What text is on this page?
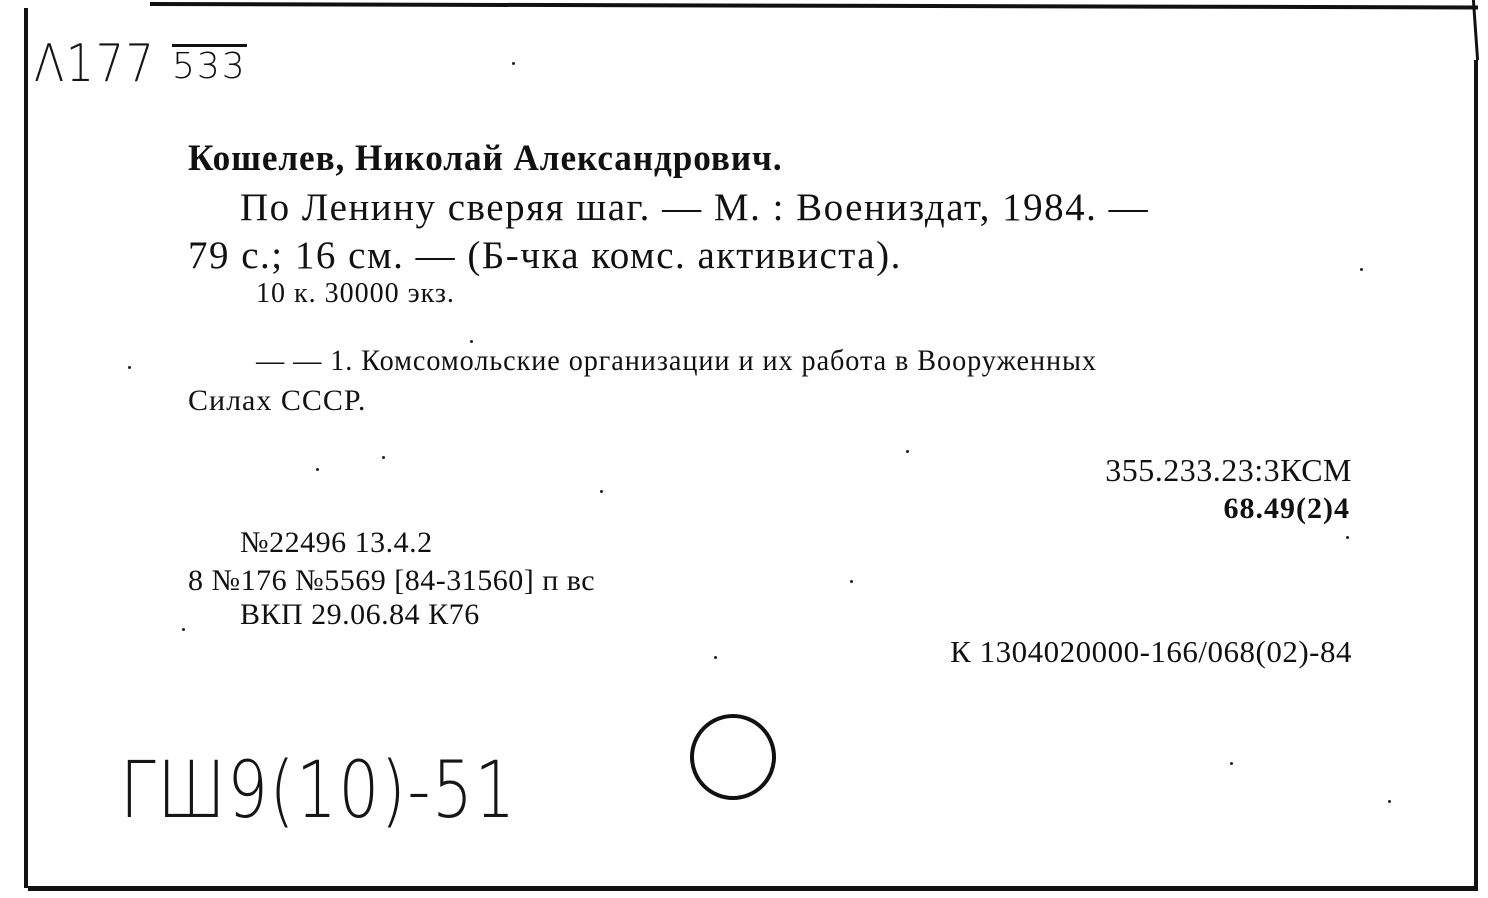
Λ177 533
Кошелев, Николай Александрович.
По Ленину сверяя шаг. — М. : Воениздат, 1984. —
79 с.; 16 см. — (Б-чка комс. активиста).
10 к. 30000 экз.
— — 1. Комсомольские организации и их работа в Вооруженных
Силах СССР.
355.233.23:3КСМ
68.49(2)4
№22496 13.4.2
8 №176 №5569 [84-31560] п вс
ВКП 29.06.84 К76
К 1304020000-166/068(02)-84
ГШ9(10)-51
